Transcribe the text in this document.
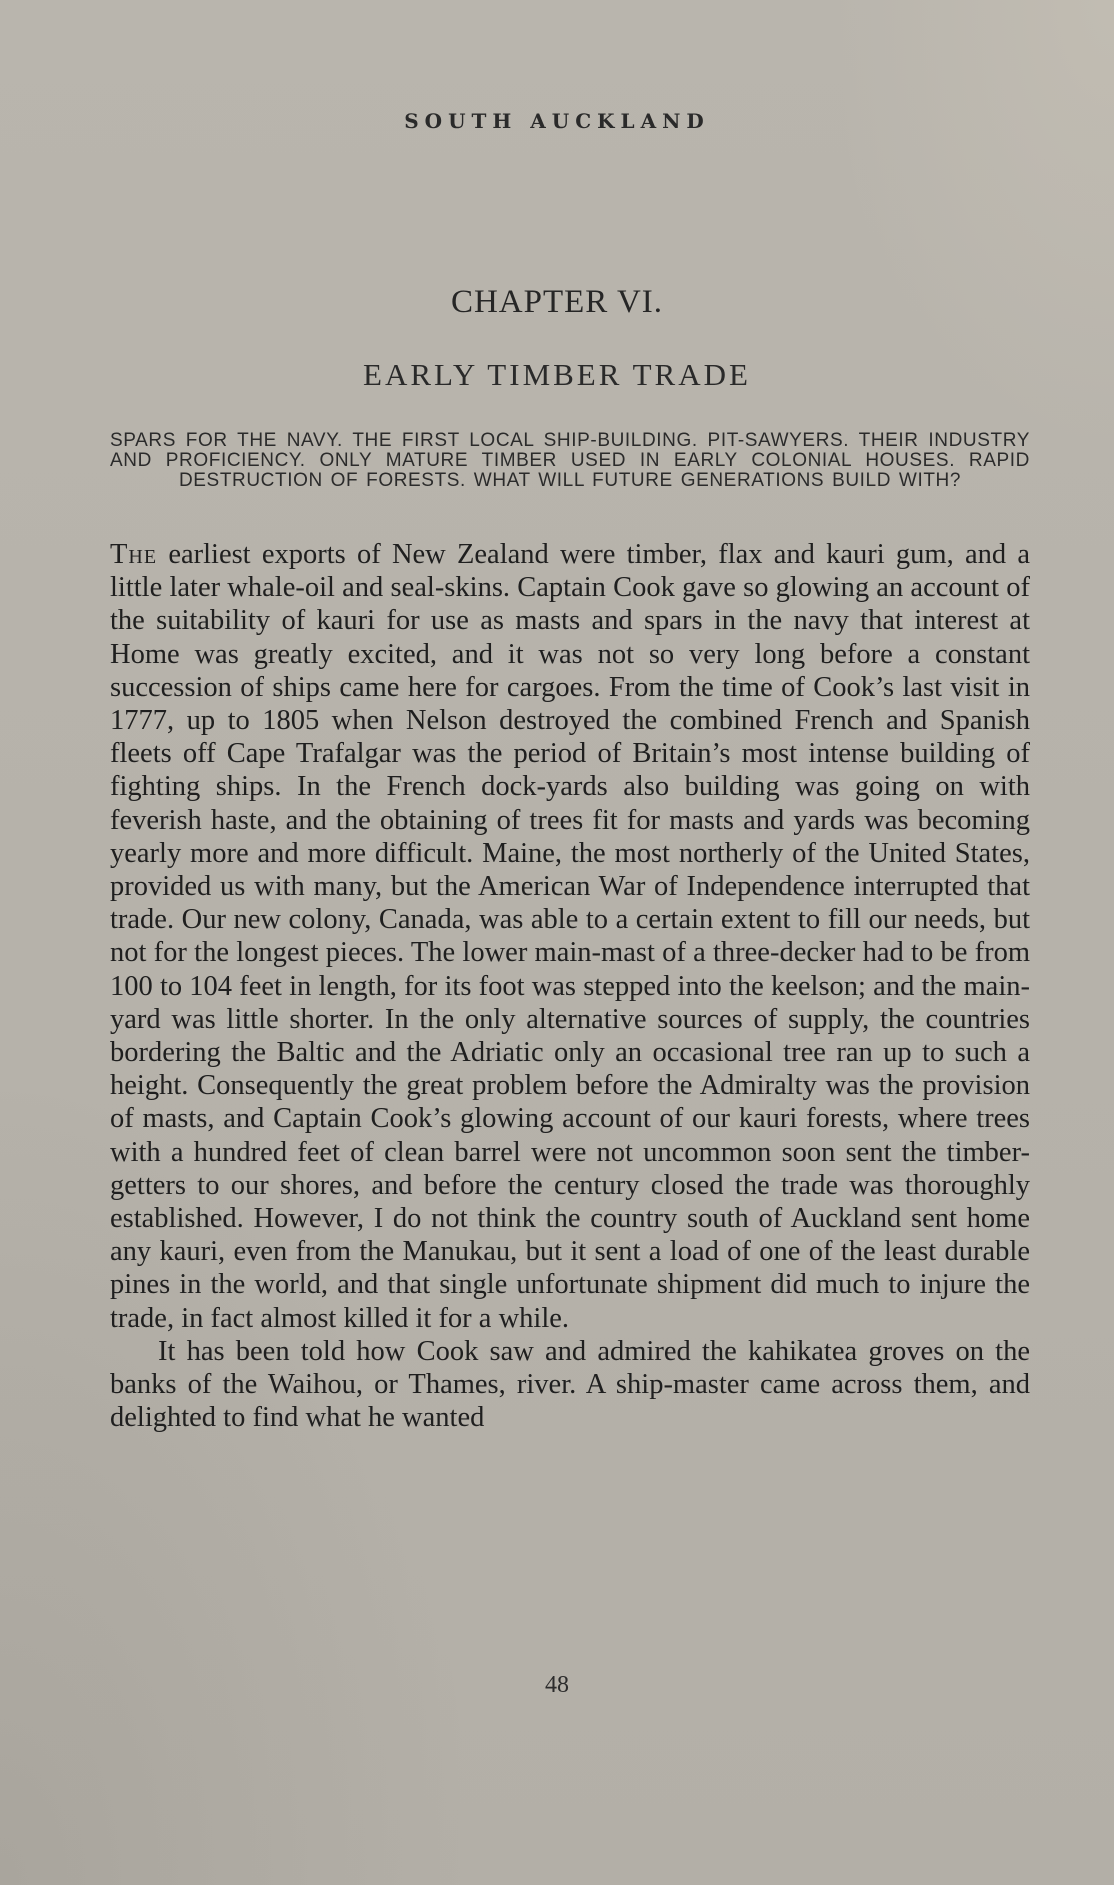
SOUTH AUCKLAND
CHAPTER VI.
EARLY TIMBER TRADE
SPARS FOR THE NAVY. THE FIRST LOCAL SHIP-BUILDING. PIT-SAWYERS. THEIR INDUSTRY AND PROFICIENCY. ONLY MATURE TIMBER USED IN EARLY COLONIAL HOUSES. RAPID DESTRUCTION OF FORESTS. WHAT WILL FUTURE GENERATIONS BUILD WITH?

The earliest exports of New Zealand were timber, flax and kauri gum, and a little later whale-oil and seal-skins. Captain Cook gave so glowing an account of the suitability of kauri for use as masts and spars in the navy that interest at Home was greatly excited, and it was not so very long before a constant succession of ships came here for cargoes. From the time of Cook’s last visit in 1777, up to 1805 when Nelson destroyed the combined French and Spanish fleets off Cape Trafalgar was the period of Britain’s most intense building of fighting ships. In the French dock-yards also building was going on with feverish haste, and the obtaining of trees fit for masts and yards was becoming yearly more and more difficult. Maine, the most northerly of the United States, provided us with many, but the American War of Independence interrupted that trade. Our new colony, Canada, was able to a certain extent to fill our needs, but not for the longest pieces. The lower main-mast of a three-decker had to be from 100 to 104 feet in length, for its foot was stepped into the keelson; and the main-yard was little shorter. In the only alternative sources of supply, the countries bordering the Baltic and the Adriatic only an occasional tree ran up to such a height. Consequently the great problem before the Admiralty was the provision of masts, and Captain Cook’s glowing account of our kauri forests, where trees with a hundred feet of clean barrel were not uncommon soon sent the timber-getters to our shores, and before the century closed the trade was thoroughly established. However, I do not think the country south of Auckland sent home any kauri, even from the Manukau, but it sent a load of one of the least durable pines in the world, and that single unfortunate shipment did much to injure the trade, in fact almost killed it for a while.

It has been told how Cook saw and admired the kahikatea groves on the banks of the Waihou, or Thames, river. A ship-master came across them, and delighted to find what he wanted

48
